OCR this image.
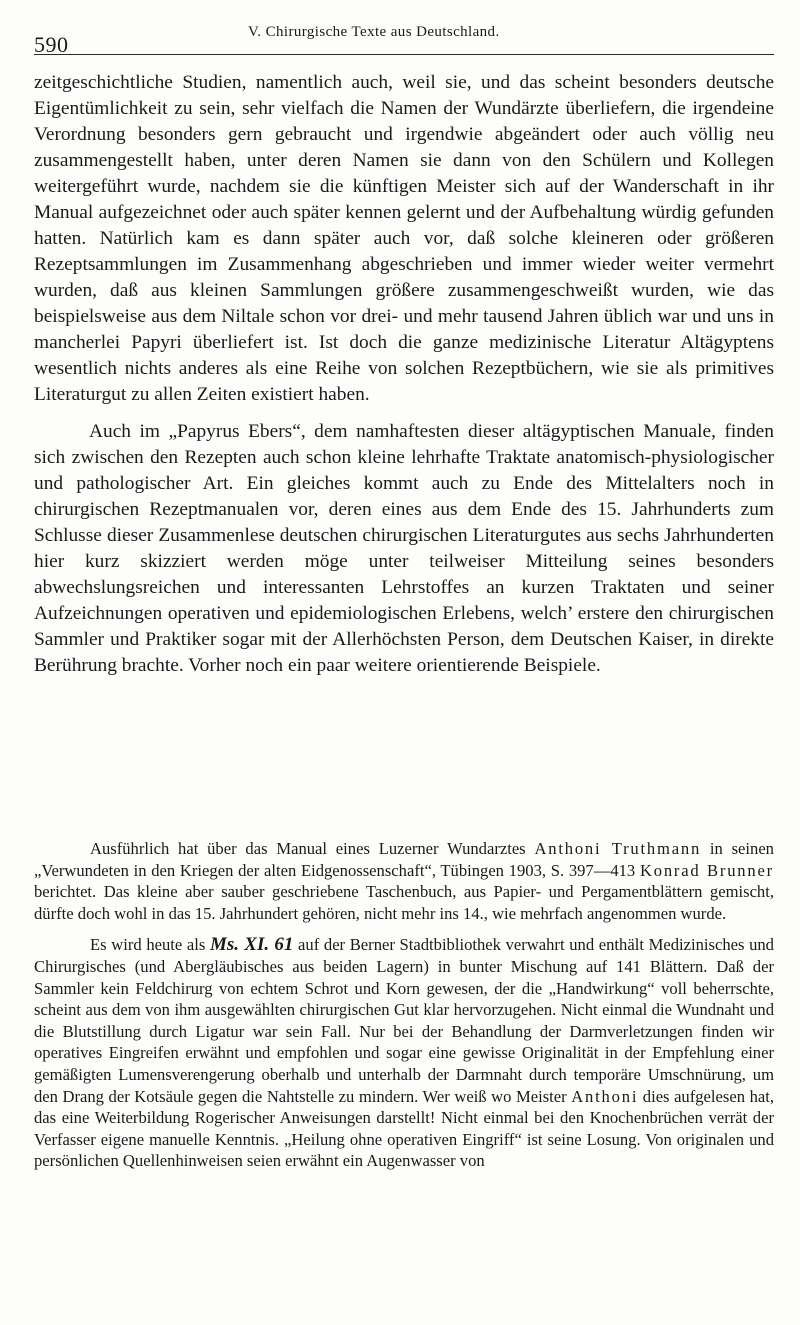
590	V. Chirurgische Texte aus Deutschland.

zeitgeschichtliche Studien, namentlich auch, weil sie, und das scheint besonders deutsche Eigentümlichkeit zu sein, sehr vielfach die Namen der Wundärzte überliefern, die irgendeine Verordnung besonders gern gebraucht und irgendwie abgeändert oder auch völlig neu zusammengestellt haben, unter deren Namen sie dann von den Schülern und Kollegen weitergeführt wurde, nachdem sie die künftigen Meister sich auf der Wanderschaft in ihr Manual aufgezeichnet oder auch später kennen gelernt und der Aufbehaltung würdig gefunden hatten. Natürlich kam es dann später auch vor, daß solche kleineren oder größeren Rezeptsammlungen im Zusammenhang abgeschrieben und immer wieder weiter vermehrt wurden, daß aus kleinen Sammlungen größere zusammengeschweißt wurden, wie das beispielsweise aus dem Niltale schon vor drei- und mehr tausend Jahren üblich war und uns in mancherlei Papyri überliefert ist. Ist doch die ganze medizinische Literatur Altägyptens wesentlich nichts anderes als eine Reihe von solchen Rezeptbüchern, wie sie als primitives Literaturgut zu allen Zeiten existiert haben.

Auch im „Papyrus Ebers“, dem namhaftesten dieser altägyptischen Manuale, finden sich zwischen den Rezepten auch schon kleine lehrhafte Traktate anatomisch-physiologischer und pathologischer Art. Ein gleiches kommt auch zu Ende des Mittelalters noch in chirurgischen Rezeptmanualen vor, deren eines aus dem Ende des 15. Jahrhunderts zum Schlusse dieser Zusammenlese deutschen chirurgischen Literaturgutes aus sechs Jahrhunderten hier kurz skizziert werden möge unter teilweiser Mitteilung seines besonders abwechslungsreichen und interessanten Lehrstoffes an kurzen Traktaten und seiner Aufzeichnungen operativen und epidemiologischen Erlebens, welch’ erstere den chirurgischen Sammler und Praktiker sogar mit der Allerhöchsten Person, dem Deutschen Kaiser, in direkte Berührung brachte. Vorher noch ein paar weitere orientierende Beispiele.

Ausführlich hat über das Manual eines Luzerner Wundarztes Anthoni Truthmann in seinen „Verwundeten in den Kriegen der alten Eidgenossenschaft“, Tübingen 1903, S. 397—413 Konrad Brunner berichtet. Das kleine aber sauber geschriebene Taschenbuch, aus Papier- und Pergamentblättern gemischt, dürfte doch wohl in das 15. Jahrhundert gehören, nicht mehr ins 14., wie mehrfach angenommen wurde.

Es wird heute als Ms. XI. 61 auf der Berner Stadtbibliothek verwahrt und enthält Medizinisches und Chirurgisches (und Abergläubisches aus beiden Lagern) in bunter Mischung auf 141 Blättern. Daß der Sammler kein Feldchirurg von echtem Schrot und Korn gewesen, der die „Handwirkung“ voll beherrschte, scheint aus dem von ihm ausgewählten chirurgischen Gut klar hervorzugehen. Nicht einmal die Wundnaht und die Blutstillung durch Ligatur war sein Fall. Nur bei der Behandlung der Darmverletzungen finden wir operatives Eingreifen erwähnt und empfohlen und sogar eine gewisse Originalität in der Empfehlung einer gemäßigten Lumensverengerung oberhalb und unterhalb der Darmnaht durch temporäre Umschnürung, um den Drang der Kotsäule gegen die Nahtstelle zu mindern. Wer weiß wo Meister Anthoni dies aufgelesen hat, das eine Weiterbildung Rogerischer Anweisungen darstellt! Nicht einmal bei den Knochenbrüchen verrät der Verfasser eigene manuelle Kenntnis. „Heilung ohne operativen Eingriff“ ist seine Losung. Von originalen und persönlichen Quellenhinweisen seien erwähnt ein Augenwasser von
